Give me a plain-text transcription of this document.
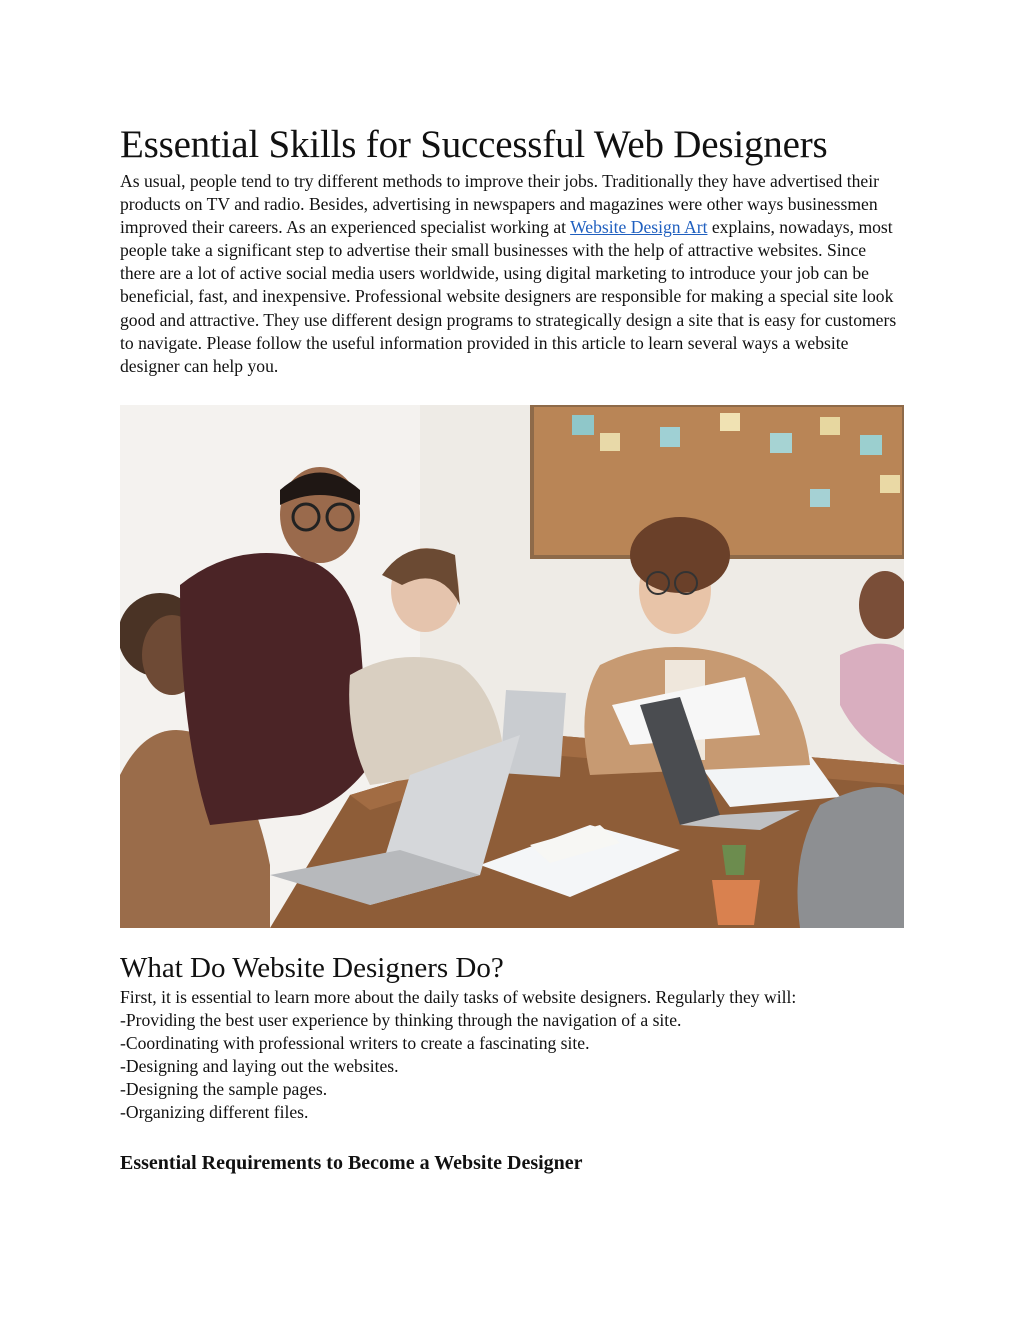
Essential Skills for Successful Web Designers

As usual, people tend to try different methods to improve their jobs. Traditionally they have advertised their products on TV and radio. Besides, advertising in newspapers and magazines were other ways businessmen improved their careers. As an experienced specialist working at Website Design Art explains, nowadays, most people take a significant step to advertise their small businesses with the help of attractive websites. Since there are a lot of active social media users worldwide, using digital marketing to introduce your job can be beneficial, fast, and inexpensive. Professional website designers are responsible for making a special site look good and attractive. They use different design programs to strategically design a site that is easy for customers to navigate. Please follow the useful information provided in this article to learn several ways a website designer can help you.

What Do Website Designers Do?
First, it is essential to learn more about the daily tasks of website designers. Regularly they will:
-Providing the best user experience by thinking through the navigation of a site.
-Coordinating with professional writers to create a fascinating site.
-Designing and laying out the websites.
-Designing the sample pages.
-Organizing different files.
Essential Requirements to Become a Website Designer
